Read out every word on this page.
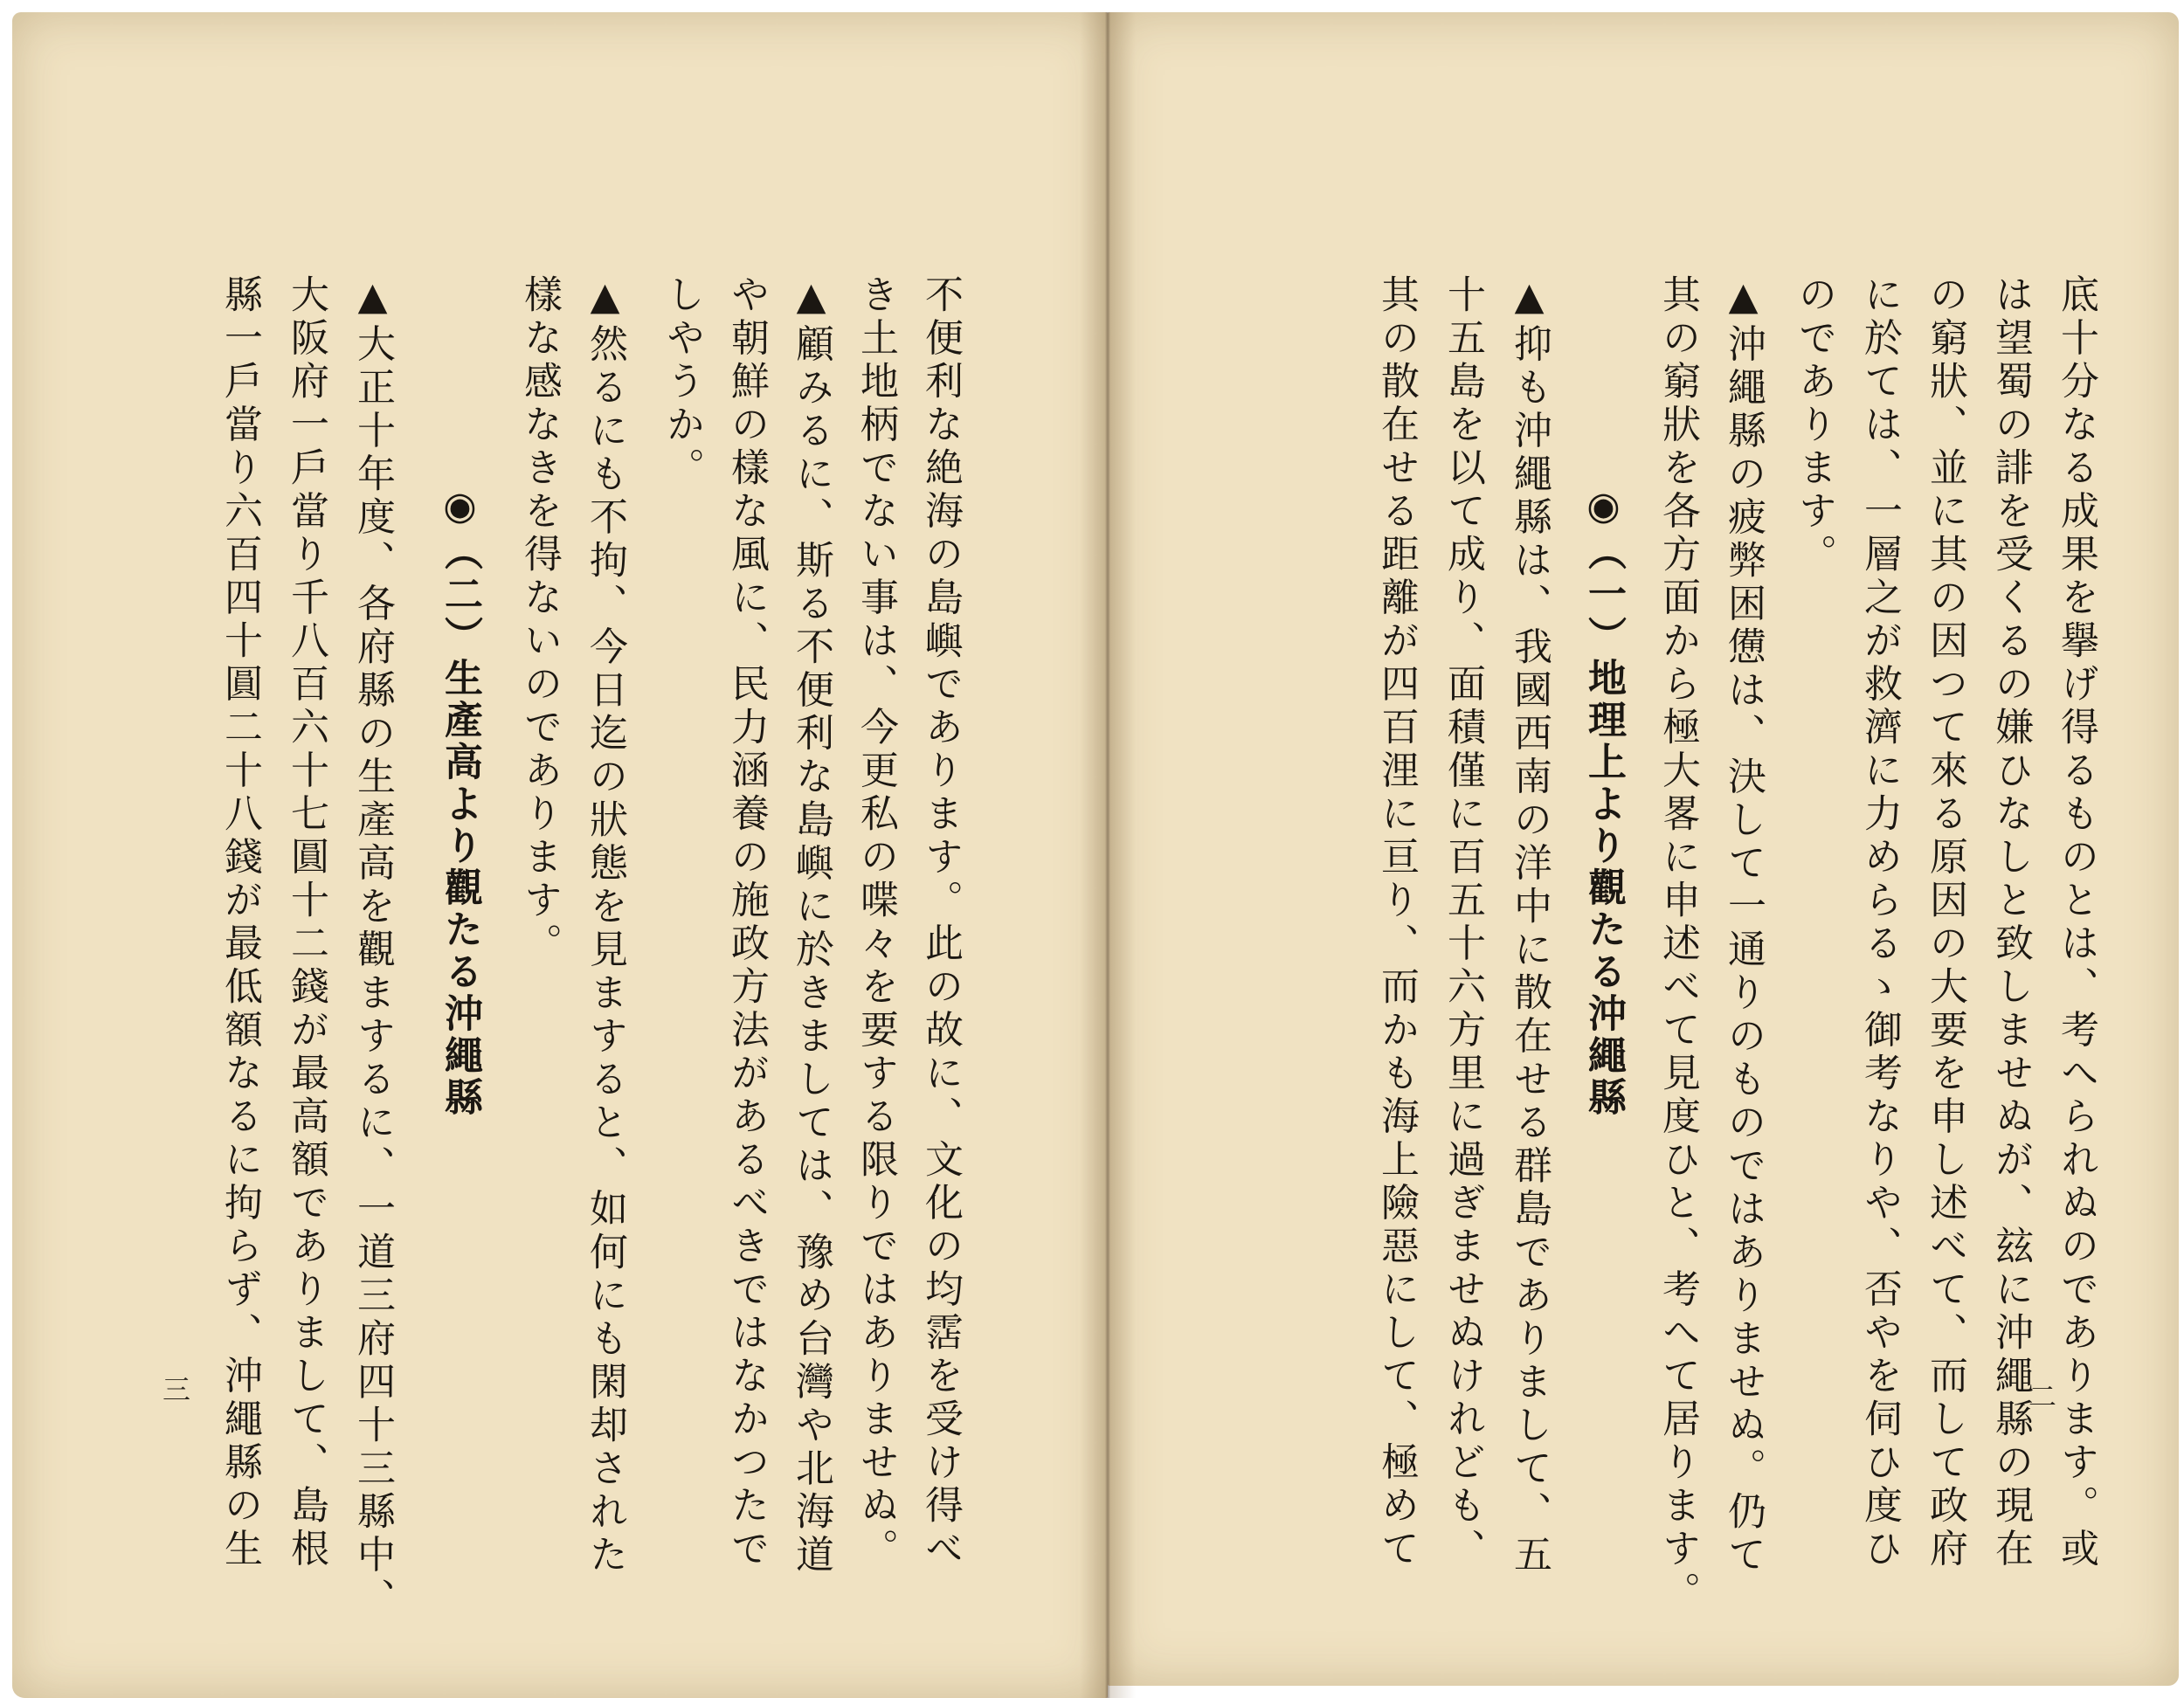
底十分なる成果を擧げ得るものとは、考へられぬのであります。或
は望蜀の誹を受くるの嫌ひなしと致しませぬが、玆に沖繩縣の現在
の窮狀、並に其の因つて來る原因の大要を申し述べて、而して政府
に於ては、一層之が救濟に力めらるゝ御考なりや、否やを伺ひ度ひ
のであります。
▲沖繩縣の疲弊困憊は、決して一通りのものではありませぬ。仍て
其の窮狀を各方面から極大畧に申述べて見度ひと、考へて居ります。
◉（一）地理上より觀たる沖繩縣
▲抑も沖繩縣は、我國西南の洋中に散在せる群島でありまして、五
十五島を以て成り、面積僅に百五十六方里に過ぎませぬけれども、
其の散在せる距離が四百浬に亘り、而かも海上險惡にして、極めて	二
不便利な絶海の島嶼であります。此の故に、文化の均霑を受け得べ
き土地柄でない事は、今更私の喋々を要する限りではありませぬ。
▲顧みるに、斯る不便利な島嶼に於きましては、豫め台灣や北海道
や朝鮮の樣な風に、民力涵養の施政方法があるべきではなかつたで
しやうか。
▲然るにも不拘、今日迄の狀態を見ますると、如何にも閑却された
樣な感なきを得ないのであります。
◉（二）生產高より觀たる沖繩縣
▲大正十年度、各府縣の生產高を觀まするに、一道三府四十三縣中、
大阪府一戶當り千八百六十七圓十二錢が最高額でありまして、島根
縣一戶當り六百四十圓二十八錢が最低額なるに拘らず、沖繩縣の生
三
